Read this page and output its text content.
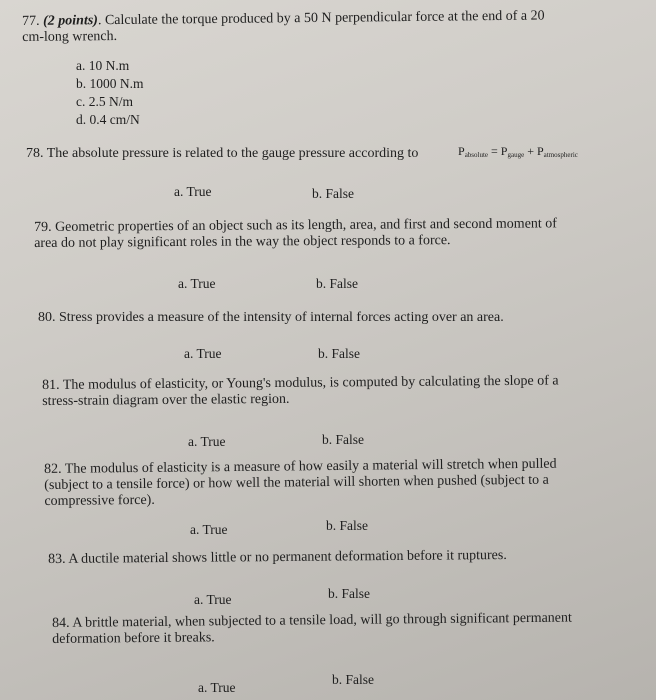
77. (2 points). Calculate the torque produced by a 50 N perpendicular force at the end of a 20
cm-long wrench.
a. 10 N.m
b. 1000 N.m
c. 2.5 N/m
d. 0.4 cm/N
78. The absolute pressure is related to the gauge pressure according to	$P_{absolute} = P_{gauge} + P_{atmospheric}$
a. True	b. False
79. Geometric properties of an object such as its length, area, and first and second moment of
area do not play significant roles in the way the object responds to a force.
a. True	b. False
80. Stress provides a measure of the intensity of internal forces acting over an area.
a. True	b. False
81. The modulus of elasticity, or Young's modulus, is computed by calculating the slope of a
stress-strain diagram over the elastic region.
a. True	b. False
82. The modulus of elasticity is a measure of how easily a material will stretch when pulled
(subject to a tensile force) or how well the material will shorten when pushed (subject to a
compressive force).
a. True	b. False
83. A ductile material shows little or no permanent deformation before it ruptures.
a. True	b. False
84. A brittle material, when subjected to a tensile load, will go through significant permanent
deformation before it breaks.
a. True
b. False
